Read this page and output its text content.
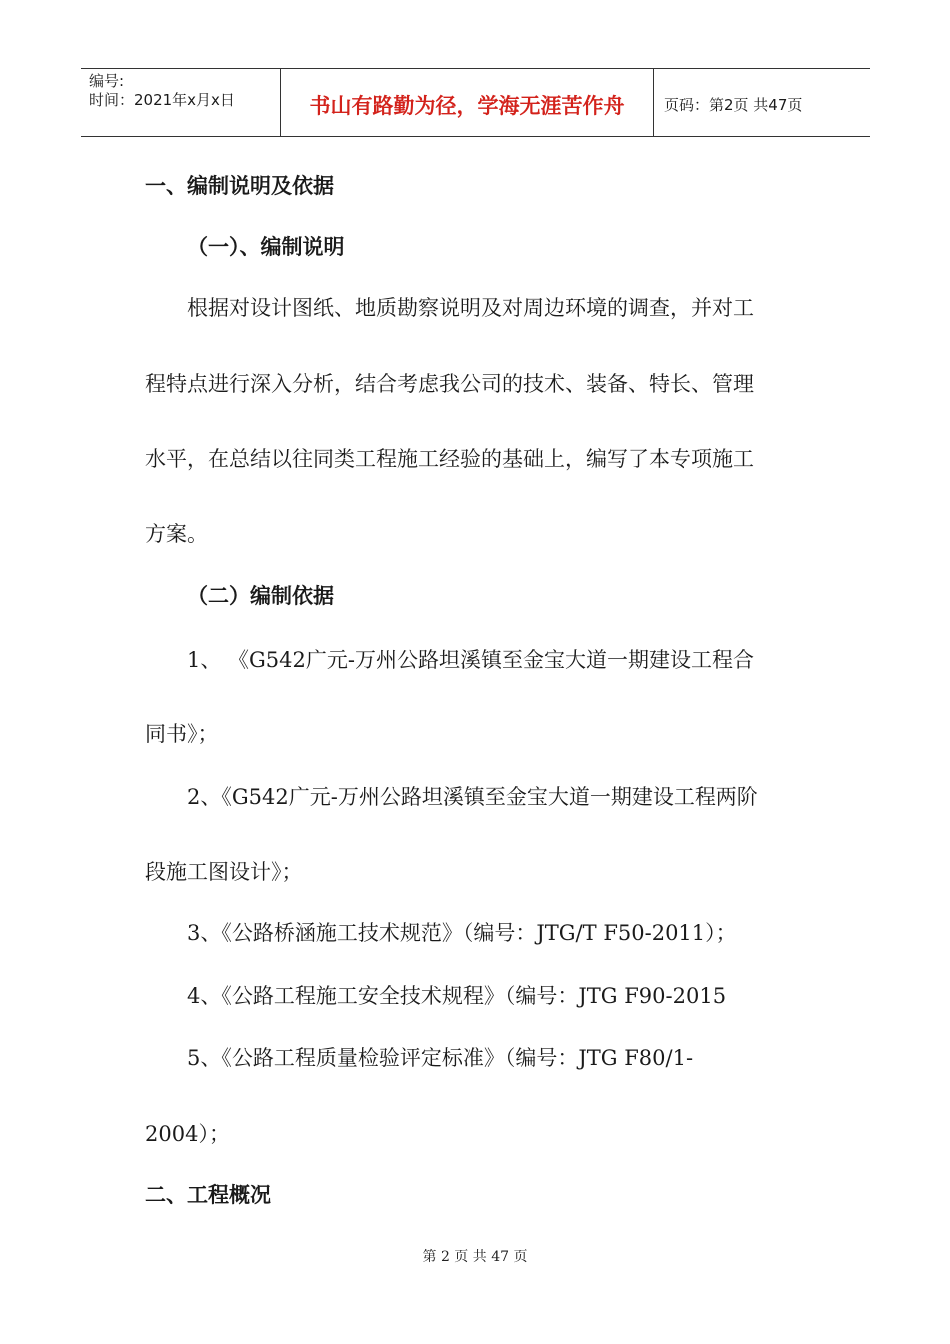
编号:
时间：2021年x月x日	书山有路勤为径，学海无涯苦作舟	页码：第2页 共47页
一、编制说明及依据
（一）、编制说明
根据对设计图纸、地质勘察说明及对周边环境的调查，并对工
程特点进行深入分析，结合考虑我公司的技术、装备、特长、管理
水平，在总结以往同类工程施工经验的基础上，编写了本专项施工
方案。
（二）编制依据
1、 《G542广元-万州公路坦溪镇至金宝大道一期建设工程合
同书》；
2、《G542广元-万州公路坦溪镇至金宝大道一期建设工程两阶
段施工图设计》；
3、《公路桥涵施工技术规范》（编号：JTG/T F50-2011）；
4、《公路工程施工安全技术规程》（编号：JTG F90-2015
5、《公路工程质量检验评定标准》（编号：JTG F80/1-
2004）；
二、工程概况
第 2 页 共 47 页
